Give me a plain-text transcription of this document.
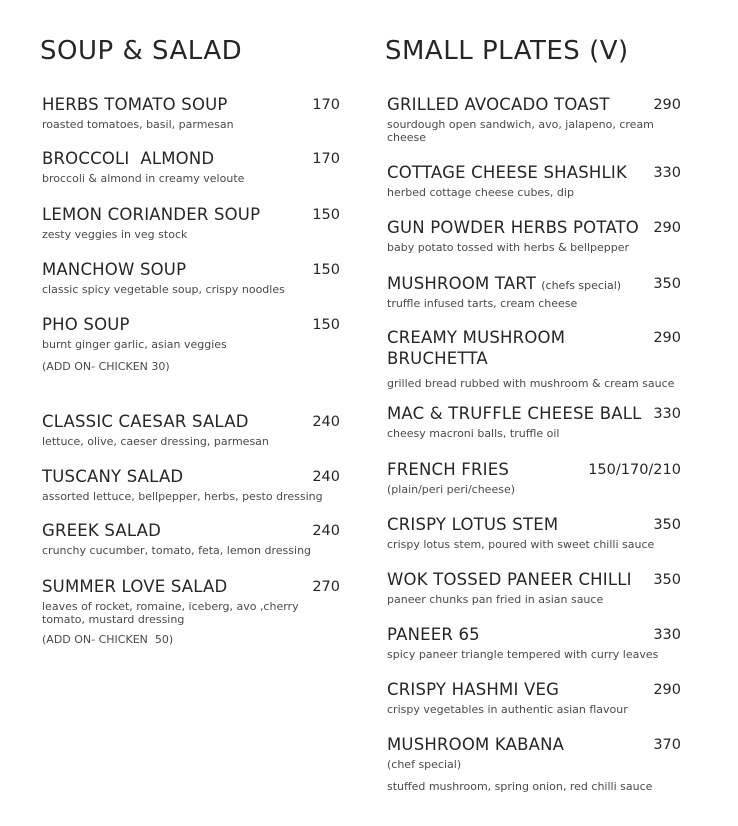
SOUP & SALAD
HERBS TOMATO SOUP	170
roasted tomatoes, basil, parmesan
BROCCOLI  ALMOND	170
broccoli & almond in creamy veloute
LEMON CORIANDER SOUP	150
zesty veggies in veg stock
MANCHOW SOUP	150
classic spicy vegetable soup, crispy noodles
PHO SOUP	150
burnt ginger garlic, asian veggies
(ADD ON- CHICKEN 30)
CLASSIC CAESAR SALAD	240
lettuce, olive, caeser dressing, parmesan
TUSCANY SALAD	240
assorted lettuce, bellpepper, herbs, pesto dressing
GREEK SALAD	240
crunchy cucumber, tomato, feta, lemon dressing
SUMMER LOVE SALAD	270
leaves of rocket, romaine, iceberg, avo ,cherry tomato, mustard dressing
(ADD ON- CHICKEN  50)
SMALL PLATES (V)
GRILLED AVOCADO TOAST	290
sourdough open sandwich, avo, jalapeno, cream cheese
COTTAGE CHEESE SHASHLIK 330
herbed cottage cheese cubes, dip
GUN POWDER HERBS POTATO 290
baby potato tossed with herbs & bellpepper
MUSHROOM TART (chefs special) 350
truffle infused tarts, cream cheese
CREAMY MUSHROOM BRUCHETTA
290
grilled bread rubbed with mushroom & cream sauce
MAC & TRUFFLE CHEESE BALL 330
cheesy macroni balls, truffle oil
FRENCH FRIES	150/170/210
(plain/peri peri/cheese)
CRISPY LOTUS STEM	350
crispy lotus stem, poured with sweet chilli sauce
WOK TOSSED PANEER CHILLI 350
paneer chunks pan fried in asian sauce
PANEER 65	330
spicy paneer triangle tempered with curry leaves
CRISPY HASHMI VEG	290
crispy vegetables in authentic asian flavour
MUSHROOM KABANA	370
(chef special)
stuffed mushroom, spring onion, red chilli sauce
